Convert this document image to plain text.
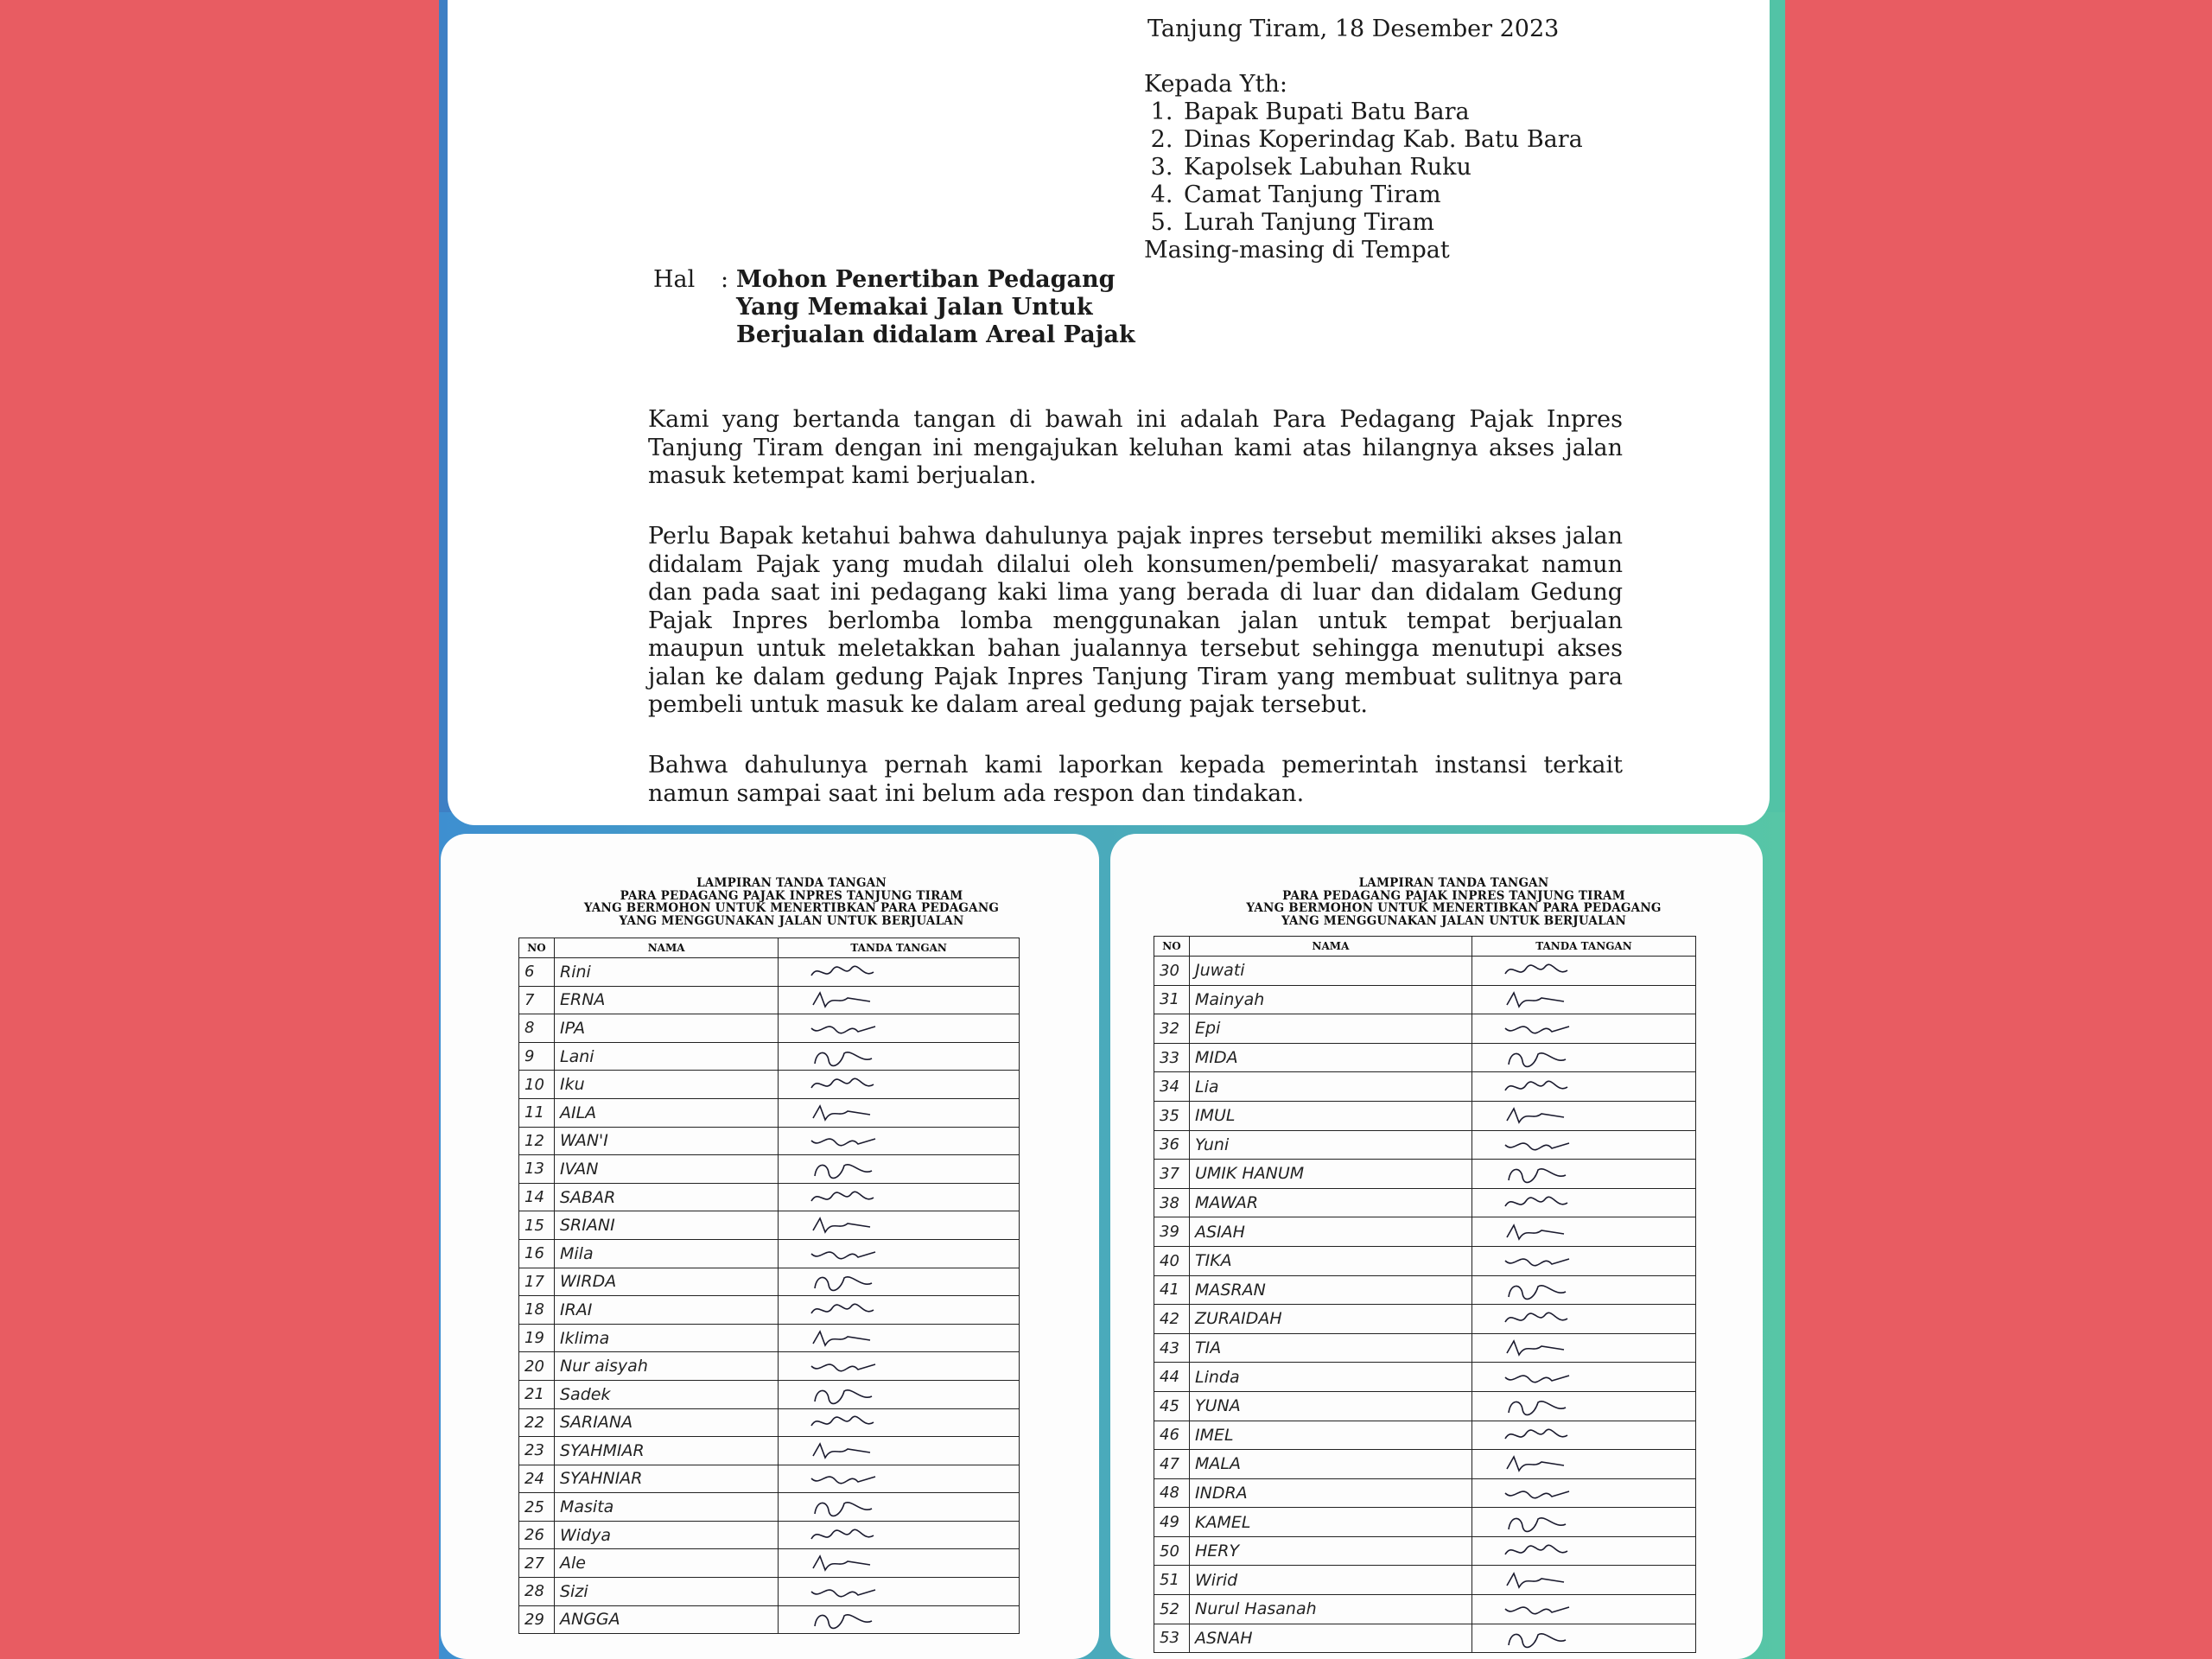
Tanjung Tiram, 18 Desember 2023
Kepada Yth:
1. Bapak Bupati Batu Bara
2. Dinas Koperindag Kab. Batu Bara
3. Kapolsek Labuhan Ruku
4. Camat Tanjung Tiram
5. Lurah Tanjung Tiram
Masing-masing di Tempat
Hal : Mohon Penertiban Pedagang
Yang Memakai Jalan Untuk
Berjualan didalam Areal Pajak
Kami yang bertanda tangan di bawah ini adalah Para Pedagang Pajak Inpres Tanjung Tiram dengan ini mengajukan keluhan kami atas hilangnya akses jalan masuk ketempat kami berjualan.
Perlu Bapak ketahui bahwa dahulunya pajak inpres tersebut memiliki akses jalan didalam Pajak yang mudah dilalui oleh konsumen/pembeli/ masyarakat namun dan pada saat ini pedagang kaki lima yang berada di luar dan didalam Gedung Pajak Inpres berlomba lomba menggunakan jalan untuk tempat berjualan maupun untuk meletakkan bahan jualannya tersebut sehingga menutupi akses jalan ke dalam gedung Pajak Inpres Tanjung Tiram yang membuat sulitnya para pembeli untuk masuk ke dalam areal gedung pajak tersebut.
Bahwa dahulunya pernah kami laporkan kepada pemerintah instansi terkait namun sampai saat ini belum ada respon dan tindakan.
LAMPIRAN TANDA TANGAN
PARA PEDAGANG PAJAK INPRES TANJUNG TIRAM
YANG BERMOHON UNTUK MENERTIBKAN PARA PEDAGANG
YANG MENGGUNAKAN JALAN UNTUK BERJUALAN
NO	NAMA	TANDA TANGAN
6	Rini	

7	ERNA	

8	IPA	

9	Lani	

10	Iku	

11	AILA	

12	WAN'I	

13	IVAN	

14	SABAR	

15	SRIANI	

16	Mila	

17	WIRDA	

18	IRAI	

19	Iklima	

20	Nur aisyah	

21	Sadek	

22	SARIANA	

23	SYAHMIAR	

24	SYAHNIAR	

25	Masita	

26	Widya	

27	Ale	

28	Sizi	

29	ANGGA	
LAMPIRAN TANDA TANGAN
PARA PEDAGANG PAJAK INPRES TANJUNG TIRAM
YANG BERMOHON UNTUK MENERTIBKAN PARA PEDAGANG
YANG MENGGUNAKAN JALAN UNTUK BERJUALAN
NO	NAMA	TANDA TANGAN
30	Juwati	

31	Mainyah	

32	Epi	

33	MIDA	

34	Lia	

35	IMUL	

36	Yuni	

37	UMIK HANUM	

38	MAWAR	

39	ASIAH	

40	TIKA	

41	MASRAN	

42	ZURAIDAH	

43	TIA	

44	Linda	

45	YUNA	

46	IMEL	

47	MALA	

48	INDRA	

49	KAMEL	

50	HERY	

51	Wirid	

52	Nurul Hasanah	

53	ASNAH	
